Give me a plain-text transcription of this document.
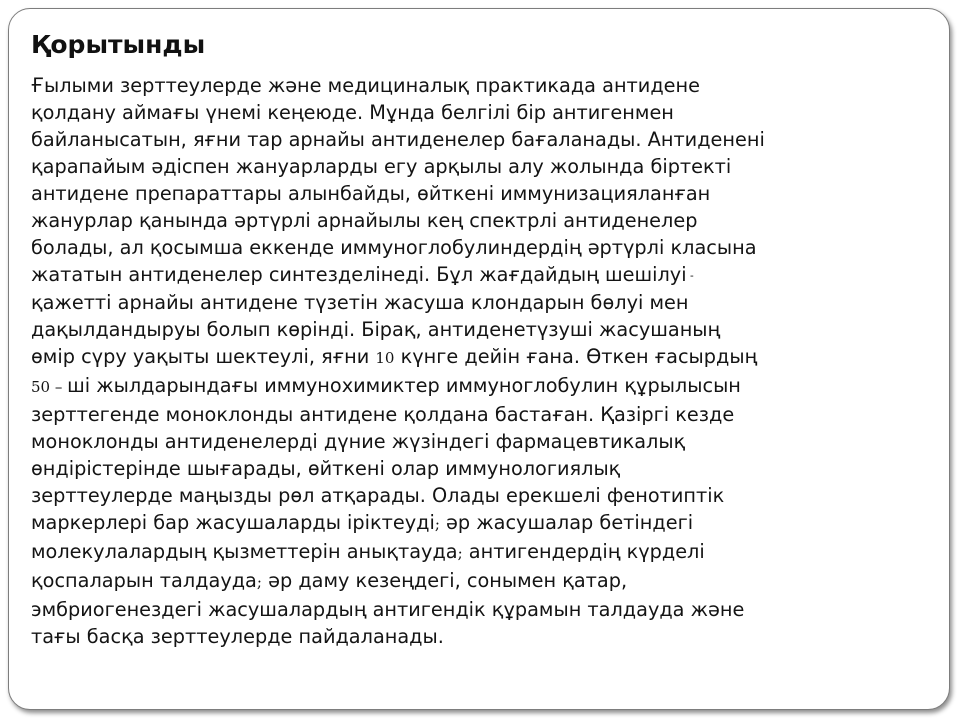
Қорытынды
Ғылыми зерттеулерде және медициналық практикада антидене
қолдану аймағы үнемі кеңеюде. Мұнда белгілі бір антигенмен
байланысатын, яғни тар арнайы антиденелер бағаланады. Антидененi
қарапайым әдіспен жануарларды егу арқылы алу жолында біртекті
антидене препараттары алынбайды, өйткені иммунизацияланған
жанурлар қанында әртүрлі арнайылы кең спектрлі антиденелер
болады, ал қосымша еккенде иммуноглобулиндердің әртүрлі класына
жататын антиденелер синтезделінеді. Бұл жағдайдың шешілуі -
қажетті арнайы антидене түзетін жасуша клондарын бөлуі мен
дақылдандыруы болып көрінді. Бірақ, антиденетүзуші жасушаның
өмір сүру уақыты шектеулі, яғни 10 күнге дейін ғана. Өткен ғасырдың
50 – ші жылдарындағы иммунохимиктер иммуноглобулин құрылысын
зерттегенде моноклонды антидене қолдана бастаған. Қазіргі кезде
моноклонды антиденелерді дүние жүзіндегі фармацевтикалық
өндірістерінде шығарады, өйткені олар иммунологиялық
зерттеулерде маңызды рөл атқарады. Олады ерекшелі фенотиптік
маркерлері бар жасушаларды іріктеуді; әр жасушалар бетіндегі
молекулалардың қызметтерін анықтауда; антигендердің күрделі
қоспаларын талдауда; әр даму кезеңдегі, сонымен қатар,
эмбриогенездегі жасушалардың антигендік құрамын талдауда және
тағы басқа зерттеулерде пайдаланады.
